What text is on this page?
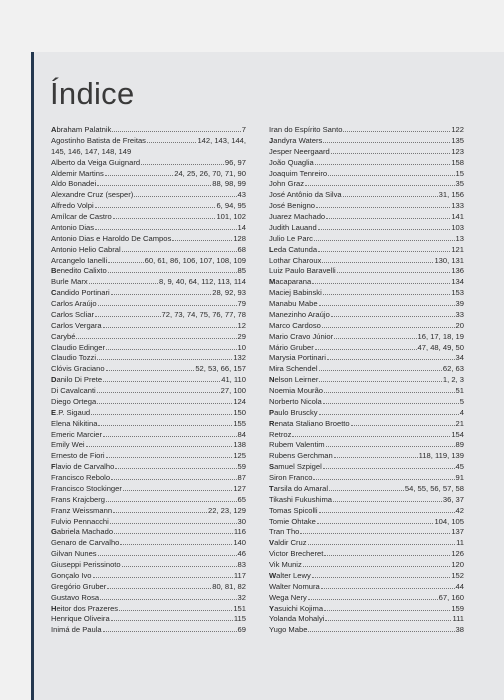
Índice
Abraham Palatnik	7
Agostinho Batista de Freitas	142, 143, 144,
145, 146, 147, 148, 149
Alberto da Veiga Guignard	96, 97
Aldemir Martins	24, 25, 26, 70, 71, 90
Aldo Bonadei	88, 98, 99
Alexandre Cruz (sesper)	43
Alfredo Volpi	6, 94, 95
Amílcar de Castro	101, 102
Antonio Dias	14
Antonio Dias e Haroldo De Campos	128
Antonio Helio Cabral	68
Arcangelo Ianelli	60, 61, 86, 106, 107, 108, 109
Benedito Calixto	85
Burle Marx	8, 9, 40, 64, 112, 113, 114
Candido Portinari	28, 92, 93
Carlos Araújo	79
Carlos Scliar	72, 73, 74, 75, 76, 77, 78
Carlos Vergara	12
Carybé	29
Claudio Edinger	10
Claudio Tozzi	132
Clóvis Graciano	52, 53, 66, 157
Danilo Di Prete	41, 110
Di Cavalcanti	27, 100
Diego Ortega	124
E.P. Sigaud	150
Elena Nikitina	155
Emeric Marcier	84
Emily Wei	138
Ernesto de Fiori	125
Flavio de Carvalho	59
Francisco Rebolo	87
Francisco Stockinger	127
Frans Krajcberg	65
Franz Weissmann	22, 23, 129
Fulvio Pennacchi	30
Gabriela Machado	116
Genaro de Carvalho	140
Gilvan Nunes	46
Giuseppi Perissinoto	83
Gonçalo Ivo	117
Gregório Gruber	80, 81, 82
Gustavo Rosa	32
Heitor dos Prazeres	151
Henrique Oliveira	115
Inimá de Paula	69
Iran do Espírito Santo	122
Jandyra Waters	135
Jesper Neergaard	123
João Quaglia	158
Joaquim Tenreiro	15
John Graz	35
José Antônio da Silva	31, 156
José Benigno	133
Juarez Machado	141
Judith Lauand	103
Julio Le Parc	13
Leda Catunda	121
Lothar Charoux	130, 131
Luiz Paulo Baravelli	136
Macaparana	134
Maciej Babinski	153
Manabu Mabe	39
Manezinho Araújo	33
Marco Cardoso	20
Mario Cravo Júnior	16, 17, 18, 19
Mário Gruber	47, 48, 49, 50
Marysia Portinari	34
Mira Schendel	62, 63
Nelson Leirner	1, 2, 3
Noemia Mourão	51
Norberto Nicola	5
Paulo Bruscky	4
Renata Staliano Broetto	21
Retroz	154
Rubem Valentim	89
Rubens Gerchman	118, 119, 139
Samuel Szpigel	45
Siron Franco	91
Tarsila do Amaral	54, 55, 56, 57, 58
Tikashi Fukushima	36, 37
Tomas Spicolli	42
Tomie Ohtake	104, 105
Tran Tho	137
Valdir Cruz	11
Victor Brecheret	126
Vik Muniz	120
Walter Lewy	152
Walter Nomura	44
Wega Nery	67, 160
Yasuichi Kojima	159
Yolanda Mohalyi	111
Yugo Mabe	38
